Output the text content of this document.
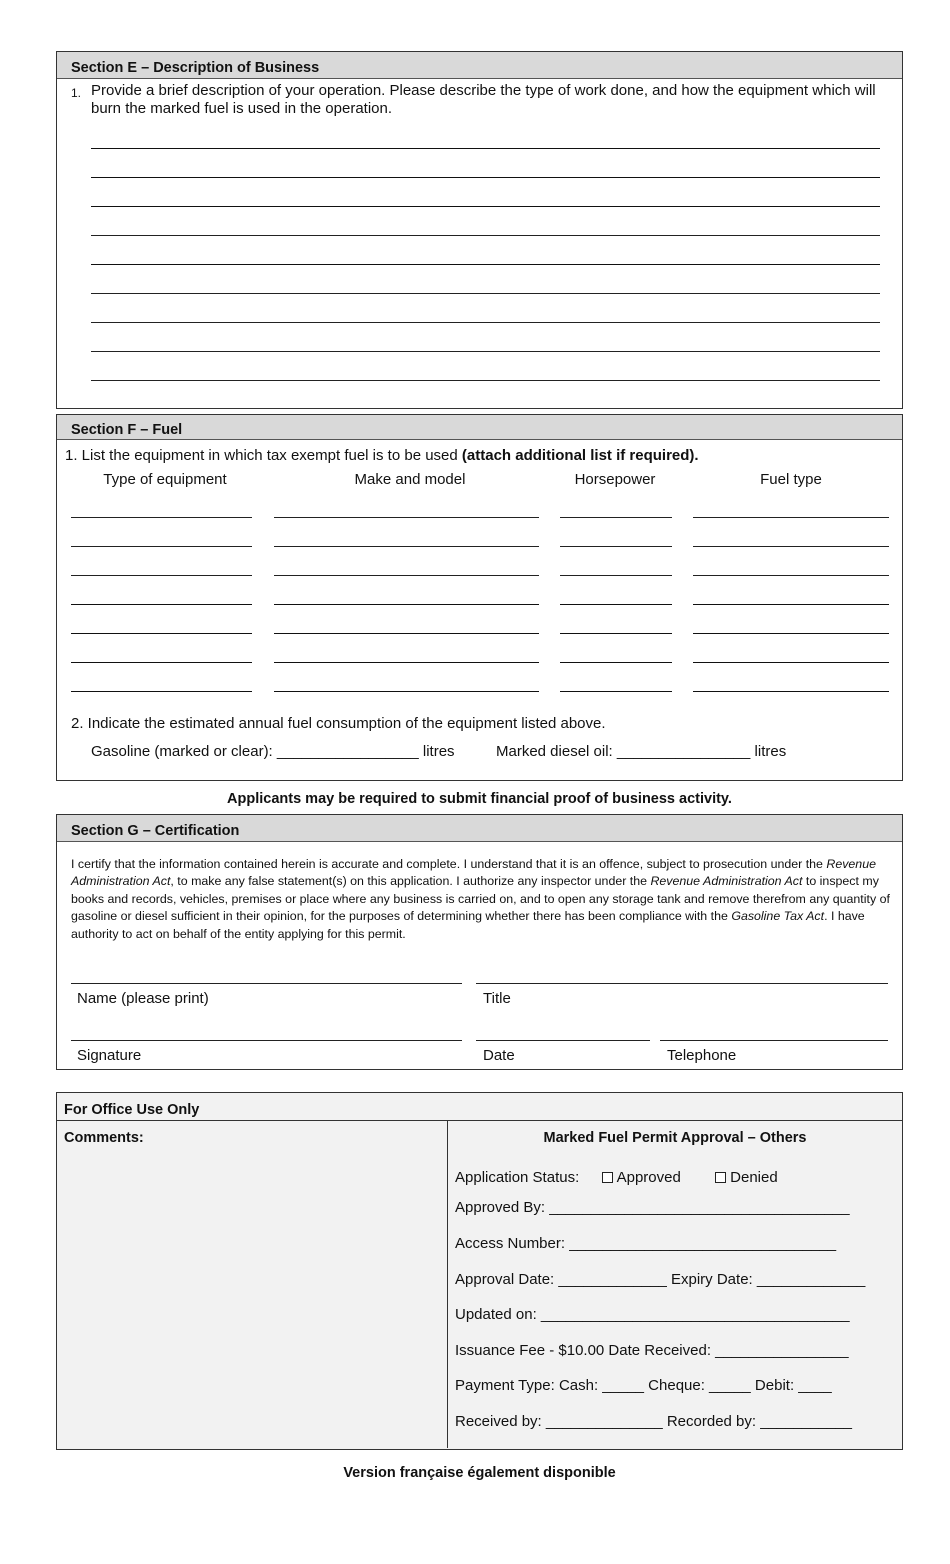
Section E – Description of Business
1. Provide a brief description of your operation. Please describe the type of work done, and how the equipment which will burn the marked fuel is used in the operation.
Section F – Fuel
1. List the equipment in which tax exempt fuel is to be used (attach additional list if required).
Type of equipment	Make and model	Horsepower	Fuel type
2. Indicate the estimated annual fuel consumption of the equipment listed above.
Gasoline (marked or clear): _________________ litres	Marked diesel oil: ________________ litres
Applicants may be required to submit financial proof of business activity.
Section G – Certification
I certify that the information contained herein is accurate and complete. I understand that it is an offence, subject to prosecution under the Revenue Administration Act, to make any false statement(s) on this application. I authorize any inspector under the Revenue Administration Act to inspect my books and records, vehicles, premises or place where any business is carried on, and to open any storage tank and remove therefrom any quantity of gasoline or diesel sufficient in their opinion, for the purposes of determining whether there has been compliance with the Gasoline Tax Act. I have authority to act on behalf of the entity applying for this permit.
Name (please print)	Title
Signature	Date	Telephone
For Office Use Only
Comments:	Marked Fuel Permit Approval – Others
Application Status: Approved	Denied
Approved By: ____________________________________
Access Number: ________________________________
Approval Date: _____________ Expiry Date: _____________
Updated on: _____________________________________
Issuance Fee - $10.00 Date Received: ________________
Payment Type: Cash: _____ Cheque: _____ Debit: ____
Received by: ______________ Recorded by: ___________
Version française également disponible
